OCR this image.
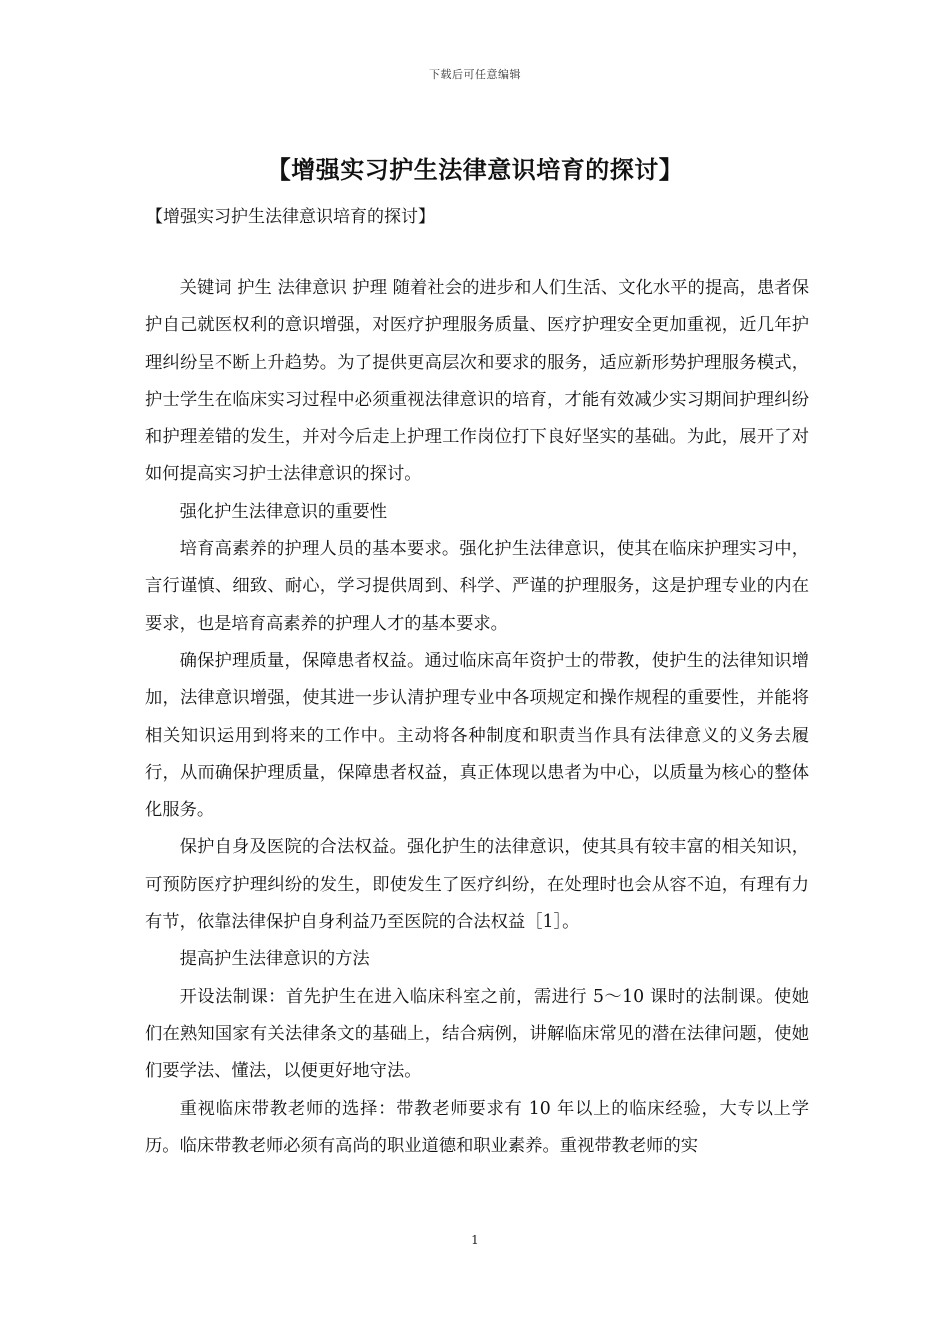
下载后可任意编辑
【增强实习护生法律意识培育的探讨】
【增强实习护生法律意识培育的探讨】

关键词 护生 法律意识 护理 随着社会的进步和人们生活、文化水平的提高，患者保护自己就医权利的意识增强，对医疗护理服务质量、医疗护理安全更加重视，近几年护理纠纷呈不断上升趋势。为了提供更高层次和要求的服务，适应新形势护理服务模式，护士学生在临床实习过程中必须重视法律意识的培育，才能有效减少实习期间护理纠纷和护理差错的发生，并对今后走上护理工作岗位打下良好坚实的基础。为此，展开了对如何提高实习护士法律意识的探讨。

强化护生法律意识的重要性

培育高素养的护理人员的基本要求。强化护生法律意识，使其在临床护理实习中，言行谨慎、细致、耐心，学习提供周到、科学、严谨的护理服务，这是护理专业的内在要求，也是培育高素养的护理人才的基本要求。

确保护理质量，保障患者权益。通过临床高年资护士的带教，使护生的法律知识增加，法律意识增强，使其进一步认清护理专业中各项规定和操作规程的重要性，并能将相关知识运用到将来的工作中。主动将各种制度和职责当作具有法律意义的义务去履行，从而确保护理质量，保障患者权益，真正体现以患者为中心，以质量为核心的整体化服务。

保护自身及医院的合法权益。强化护生的法律意识，使其具有较丰富的相关知识，可预防医疗护理纠纷的发生，即使发生了医疗纠纷，在处理时也会从容不迫，有理有力有节，依靠法律保护自身利益乃至医院的合法权益［1］。

提高护生法律意识的方法

开设法制课：首先护生在进入临床科室之前，需进行 5～10 课时的法制课。使她们在熟知国家有关法律条文的基础上，结合病例，讲解临床常见的潜在法律问题，使她们要学法、懂法，以便更好地守法。

重视临床带教老师的选择：带教老师要求有 10 年以上的临床经验，大专以上学历。临床带教老师必须有高尚的职业道德和职业素养。重视带教老师的实

1
